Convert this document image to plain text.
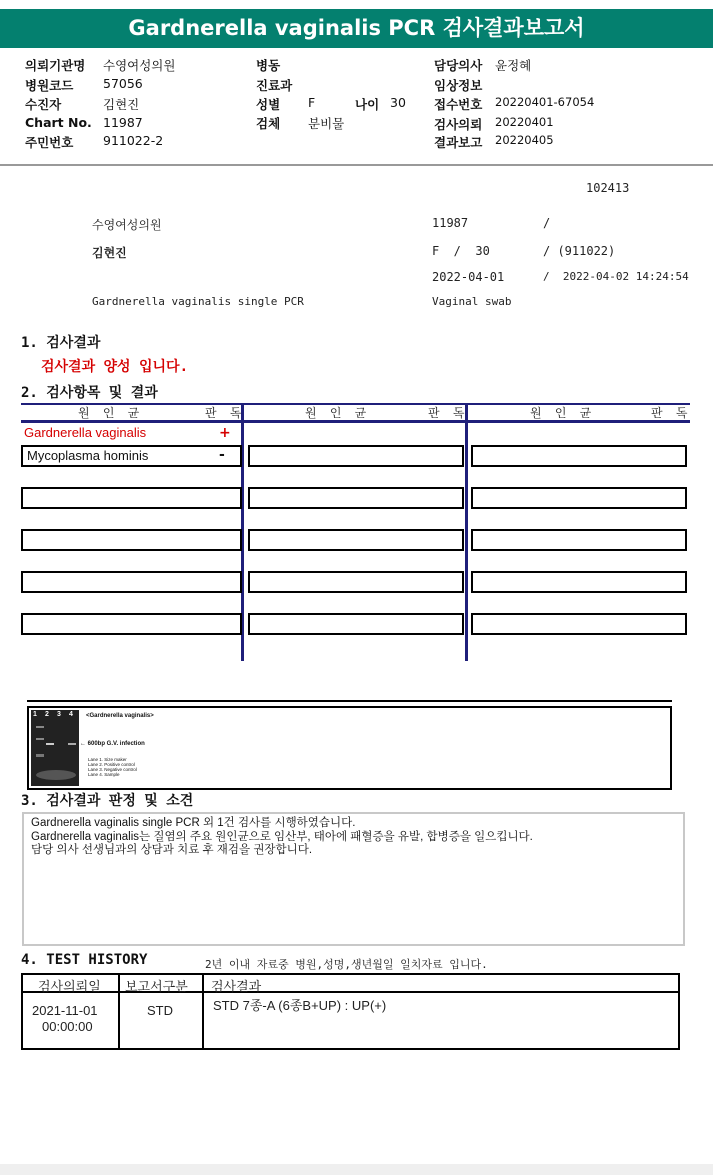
Gardnerella vaginalis PCR 검사결과보고서
의뢰기관명 수영여성의원
병원코드 57056
수진자	김현진
Chart No. 11987
주민번호 911022-2
병동
진료과
성별 F	나이 30
검체 분비물
담당의사 윤정혜
임상정보
접수번호 20220401-67054
검사의뢰 20220401
결과보고 20220405
102413
수영여성의원	11987	/
김현진	F  /  30	/ (911022)
2022-04-01	/  2022-04-02 14:24:54
Gardnerella vaginalis single PCR	Vaginal swab
1. 검사결과
검사결과 양성 입니다.
2. 검사항목 및 결과
원 인 균	판 독	원 인 균	판 독	원 인 균	판 독
Gardnerella vaginalis	+
Mycoplasma hominis	-
1 2 3 4 <Gardnerella vaginalis>
← 600bp G.V. infection
Lane 1. Size maker
Lane 2. Positive control
Lane 3. Negative control
Lane 4. Sample
3. 검사결과 판정 및 소견
Gardnerella vaginalis single PCR 외 1건 검사를 시행하였습니다.
Gardnerella vaginalis는 질염의 주요 원인균으로 임산부, 태아에 패혈증을 유발, 합병증을 일으킵니다.
담당 의사 선생님과의 상담과 치료 후 재검을 권장합니다.
4. TEST HISTORY	2년 이내 자료중 병원,성명,생년월일 일치자료 입니다.
검사의뢰일 보고서구분 검사결과
2021-11-01
00:00:00
STD	STD 7종-A (6종B+UP) : UP(+)
